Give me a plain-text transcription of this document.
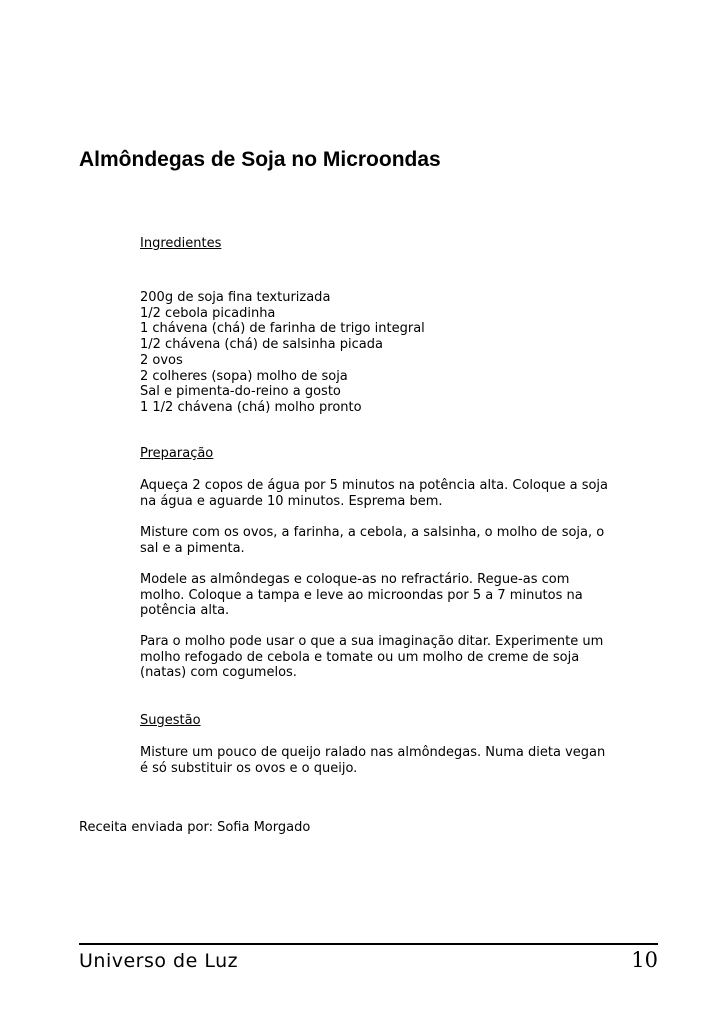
Almôndegas de Soja no Microondas
Ingredientes
200g de soja fina texturizada
1/2 cebola picadinha
1 chávena (chá) de farinha de trigo integral
1/2 chávena (chá) de salsinha picada
2 ovos
2 colheres (sopa) molho de soja
Sal e pimenta-do-reino a gosto
1 1/2 chávena (chá) molho pronto
Preparação

Aqueça 2 copos de água por 5 minutos na potência alta. Coloque a soja na água e aguarde 10 minutos. Esprema bem.

Misture com os ovos, a farinha, a cebola, a salsinha, o molho de soja, o sal e a pimenta.

Modele as almôndegas e coloque-as no refractário. Regue-as com molho. Coloque a tampa e leve ao microondas por 5 a 7 minutos na potência alta.

Para o molho pode usar o que a sua imaginação ditar. Experimente um molho refogado de cebola e tomate ou um molho de creme de soja (natas) com cogumelos.

Sugestão

Misture um pouco de queijo ralado nas almôndegas. Numa dieta vegan é só substituir os ovos e o queijo.

Receita enviada por: Sofia Morgado
Universo de Luz	10
